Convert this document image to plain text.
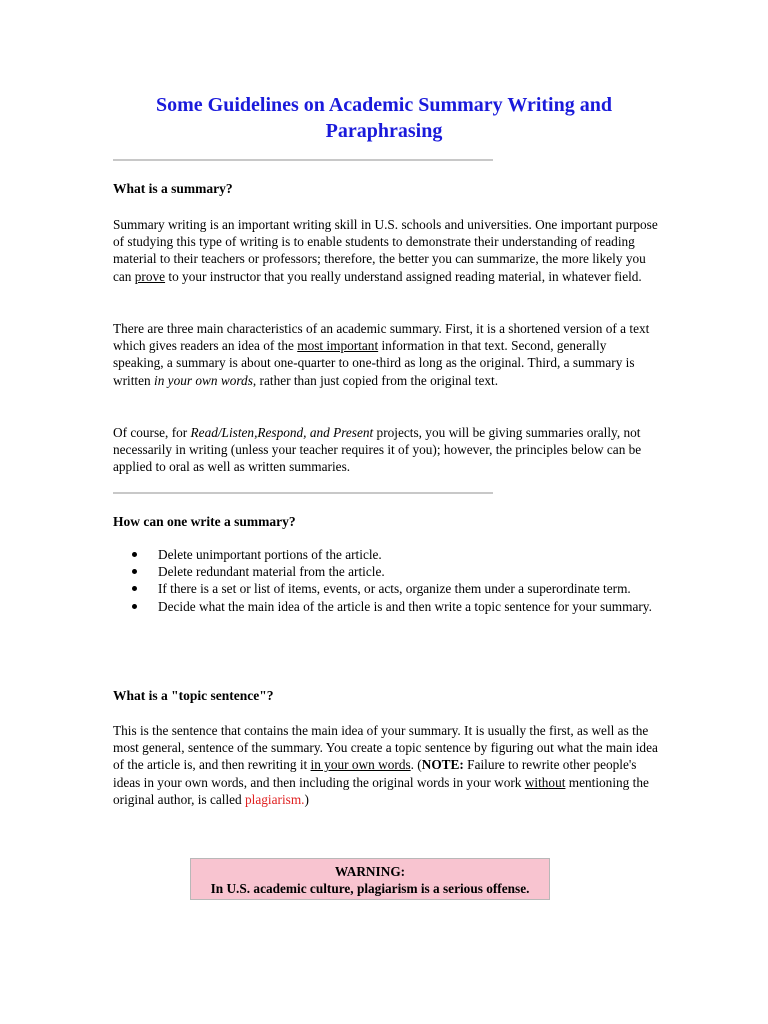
Some Guidelines on Academic Summary Writing and Paraphrasing
What is a summary?

Summary writing is an important writing skill in U.S. schools and universities. One important purpose of studying this type of writing is to enable students to demonstrate their understanding of reading material to their teachers or professors; therefore, the better you can summarize, the more likely you can prove to your instructor that you really understand assigned reading material, in whatever field.

There are three main characteristics of an academic summary. First, it is a shortened version of a text which gives readers an idea of the most important information in that text. Second, generally speaking, a summary is about one-quarter to one-third as long as the original. Third, a summary is written in your own words, rather than just copied from the original text.

Of course, for Read/Listen,Respond, and Present projects, you will be giving summaries orally, not necessarily in writing (unless your teacher requires it of you); however, the principles below can be applied to oral as well as written summaries.

How can one write a summary?
Delete unimportant portions of the article.
Delete redundant material from the article.
If there is a set or list of items, events, or acts, organize them under a superordinate term.
Decide what the main idea of the article is and then write a topic sentence for your summary.
What is a "topic sentence"?

This is the sentence that contains the main idea of your summary. It is usually the first, as well as the most general, sentence of the summary. You create a topic sentence by figuring out what the main idea of the article is, and then rewriting it in your own words. (NOTE: Failure to rewrite other people's ideas in your own words, and then including the original words in your work without mentioning the original author, is called plagiarism.)

WARNING:
In U.S. academic culture, plagiarism is a serious offense.
